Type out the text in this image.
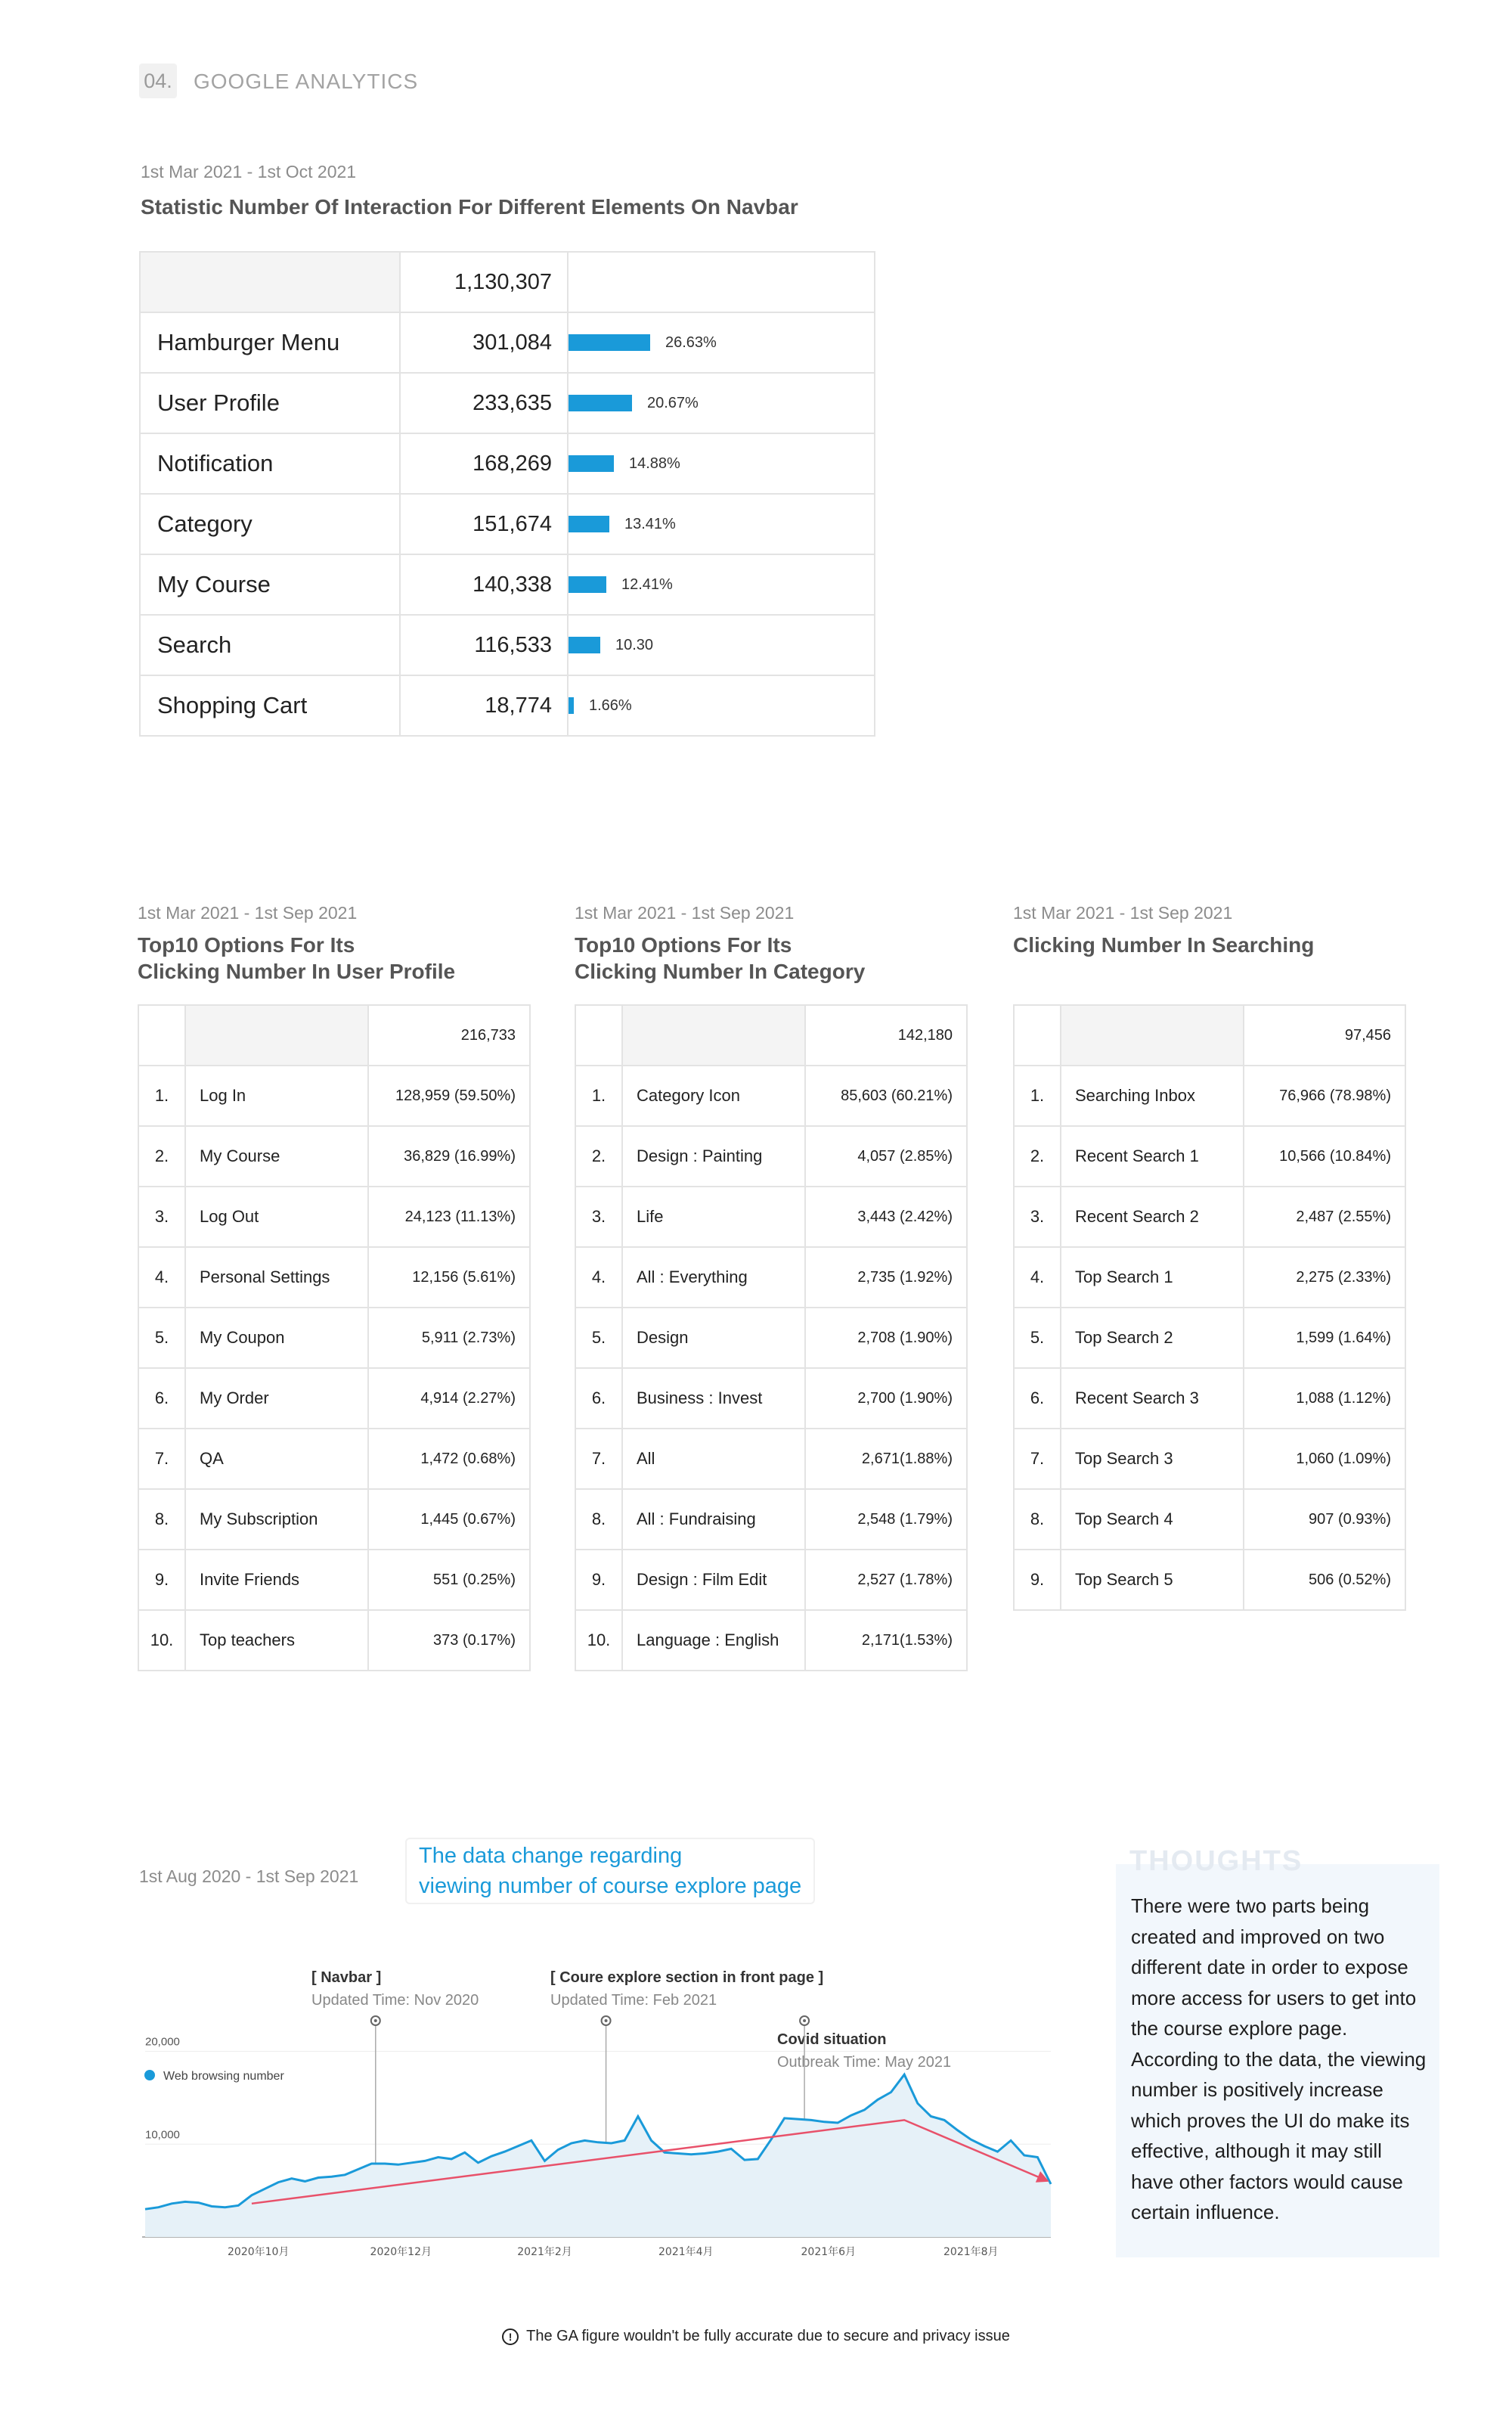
04. GOOGLE ANALYTICS
1st Mar 2021 - 1st Oct 2021
Statistic Number Of Interaction For Different Elements On Navbar
	1,130,307	
Hamburger Menu	301,084	26.63%

User Profile	233,635	20.67%

Notification	168,269	14.88%

Category	151,674	13.41%

My Course	140,338	12.41%

Search	116,533	10.30

Shopping Cart	18,774	1.66%
1st Mar 2021 - 1st Sep 2021
Top10 Options For Its
Clicking Number In User Profile
		216,733
1.	Log In	128,959 (59.50%)
2.	My Course	36,829 (16.99%)
3.	Log Out	24,123 (11.13%)
4.	Personal Settings	12,156 (5.61%)
5.	My Coupon	5,911 (2.73%)
6.	My Order	4,914 (2.27%)
7.	QA	1,472 (0.68%)
8.	My Subscription	1,445 (0.67%)
9.	Invite Friends	551 (0.25%)
10.	Top teachers	373 (0.17%)
1st Mar 2021 - 1st Sep 2021
Top10 Options For Its
Clicking Number In Category
		142,180
1.	Category Icon	85,603 (60.21%)
2.	Design : Painting	4,057 (2.85%)
3.	Life	3,443 (2.42%)
4.	All : Everything	2,735 (1.92%)
5.	Design	2,708 (1.90%)
6.	Business : Invest	2,700 (1.90%)
7.	All	2,671(1.88%)
8.	All : Fundraising	2,548 (1.79%)
9.	Design : Film Edit	2,527 (1.78%)
10.	Language : English	2,171(1.53%)
1st Mar 2021 - 1st Sep 2021
Clicking Number In Searching
		97,456
1.	Searching Inbox	76,966 (78.98%)
2.	Recent Search 1	10,566 (10.84%)
3.	Recent Search 2	2,487 (2.55%)
4.	Top Search 1	2,275 (2.33%)
5.	Top Search 2	1,599 (1.64%)
6.	Recent Search 3	1,088 (1.12%)
7.	Top Search 3	1,060 (1.09%)
8.	Top Search 4	907 (0.93%)
9.	Top Search 5	506 (0.52%)
1st Aug 2020 - 1st Sep 2021
The data change regarding
viewing number of course explore page
[ Navbar ]
Updated Time: Nov 2020
[ Coure explore section in front page ]
Updated Time: Feb 2021
Covid situation
Outbreak Time: May 2021
20,000
10,000
2020年10月	2020年12月	2021年2月	2021年4月	2021年6月	2021年8月
Web browsing number
THOUGHTS
There were two parts being created and improved on two different date in order to expose more access for users to get into the course explore page. According to the data, the viewing number is positively increase which proves the UI do make its effective, although it may still have other factors would cause certain influence.
! The GA figure wouldn't be fully accurate due to secure and privacy issue
